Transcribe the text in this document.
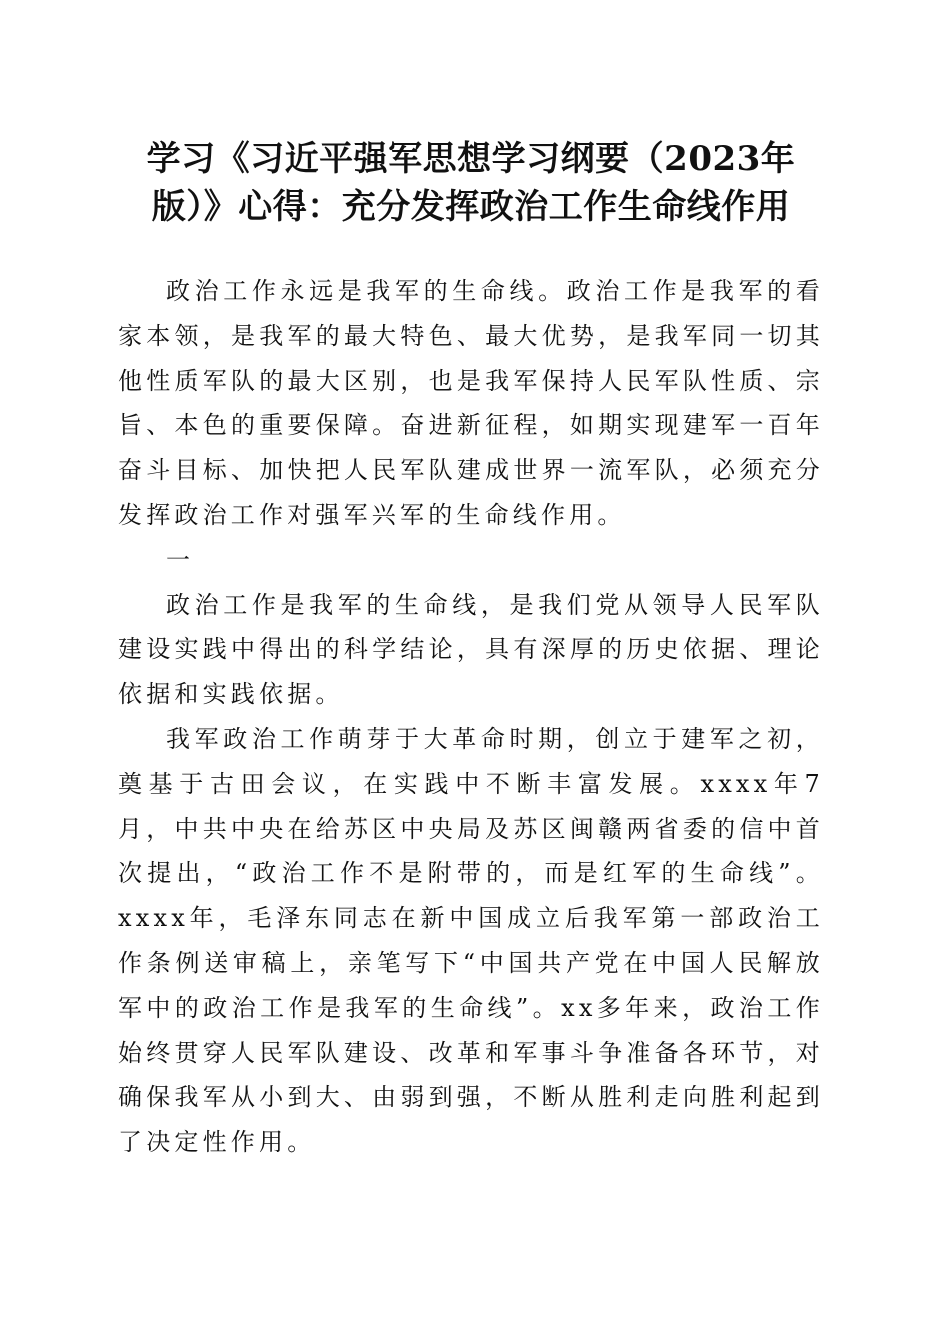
学习《习近平强军思想学习纲要（2023年
版）》心得：充分发挥政治工作生命线作用

政治工作永远是我军的生命线。政治工作是我军的看家本领，是我军的最大特色、最大优势，是我军同一切其他性质军队的最大区别，也是我军保持人民军队性质、宗旨、本色的重要保障。奋进新征程，如期实现建军一百年奋斗目标、加快把人民军队建成世界一流军队，必须充分发挥政治工作对强军兴军的生命线作用。

一

政治工作是我军的生命线，是我们党从领导人民军队建设实践中得出的科学结论，具有深厚的历史依据、理论依据和实践依据。

我军政治工作萌芽于大革命时期，创立于建军之初，奠基于古田会议，在实践中不断丰富发展。xxxx年7月，中共中央在给苏区中央局及苏区闽赣两省委的信中首次提出，“政治工作不是附带的，而是红军的生命线”。xxxx年，毛泽东同志在新中国成立后我军第一部政治工作条例送审稿上，亲笔写下“中国共产党在中国人民解放军中的政治工作是我军的生命线”。xx多年来，政治工作始终贯穿人民军队建设、改革和军事斗争准备各环节，对确保我军从小到大、由弱到强，不断从胜利走向胜利起到了决定性作用。
